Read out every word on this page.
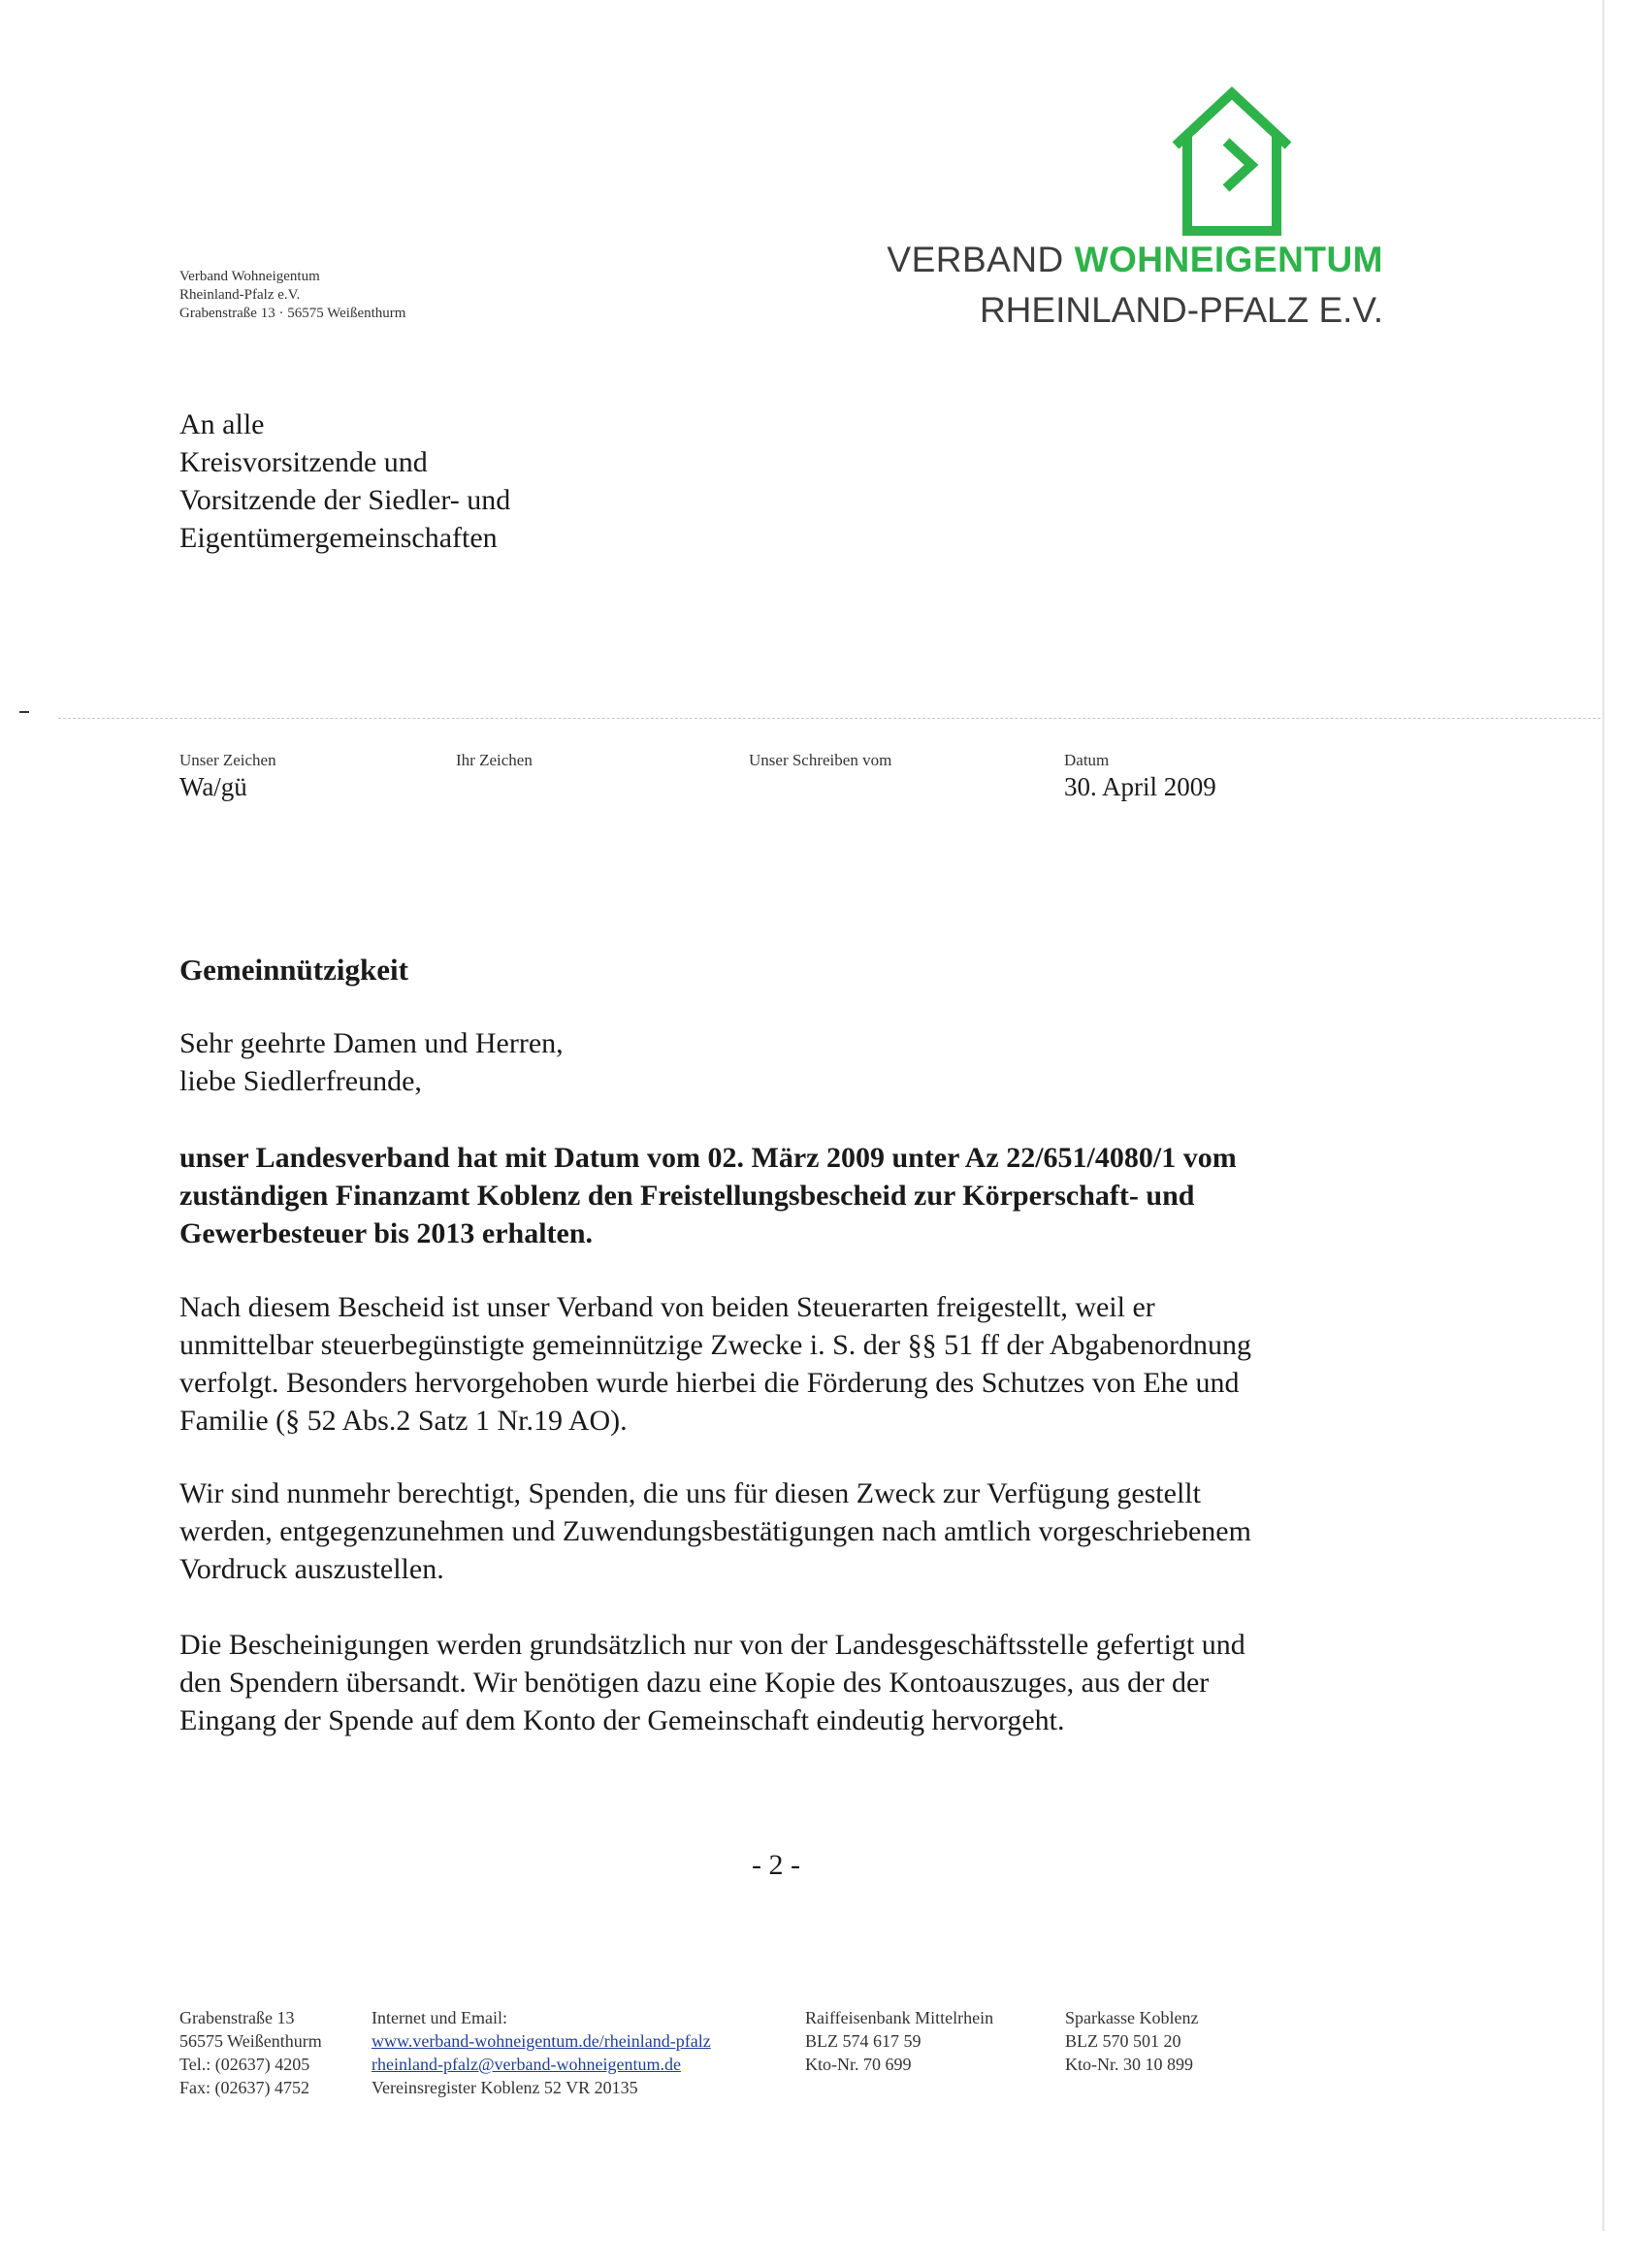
Verband Wohneigentum
Rheinland-Pfalz e.V.
Grabenstraße 13 · 56575 Weißenthurm
VERBAND WOHNEIGENTUM
RHEINLAND-PFALZ E.V.
An alle
Kreisvorsitzende und
Vorsitzende der Siedler- und
Eigentümergemeinschaften
Unser Zeichen
Wa/gü
Ihr Zeichen	Unser Schreiben vom	Datum
30. April 2009
Gemeinnützigkeit
Sehr geehrte Damen und Herren,
liebe Siedlerfreunde,
unser Landesverband hat mit Datum vom 02. März 2009 unter Az 22/651/4080/1 vom
zuständigen Finanzamt Koblenz den Freistellungsbescheid zur Körperschaft- und
Gewerbesteuer bis 2013 erhalten.
Nach diesem Bescheid ist unser Verband von beiden Steuerarten freigestellt, weil er
unmittelbar steuerbegünstigte gemeinnützige Zwecke i. S. der §§ 51 ff der Abgabenordnung
verfolgt. Besonders hervorgehoben wurde hierbei die Förderung des Schutzes von Ehe und
Familie (§ 52 Abs.2 Satz 1 Nr.19 AO).
Wir sind nunmehr berechtigt, Spenden, die uns für diesen Zweck zur Verfügung gestellt
werden, entgegenzunehmen und Zuwendungsbestätigungen nach amtlich vorgeschriebenem
Vordruck auszustellen.
Die Bescheinigungen werden grundsätzlich nur von der Landesgeschäftsstelle gefertigt und
den Spendern übersandt. Wir benötigen dazu eine Kopie des Kontoauszuges, aus der der
Eingang der Spende auf dem Konto der Gemeinschaft eindeutig hervorgeht.
- 2 -
Grabenstraße 13
56575 Weißenthurm
Tel.: (02637) 4205
Fax: (02637) 4752
Internet und Email:
www.verband-wohneigentum.de/rheinland-pfalz
rheinland-pfalz@verband-wohneigentum.de
Vereinsregister Koblenz 52 VR 20135
Raiffeisenbank Mittelrhein
BLZ 574 617 59
Kto-Nr. 70 699
Sparkasse Koblenz
BLZ 570 501 20
Kto-Nr. 30 10 899
